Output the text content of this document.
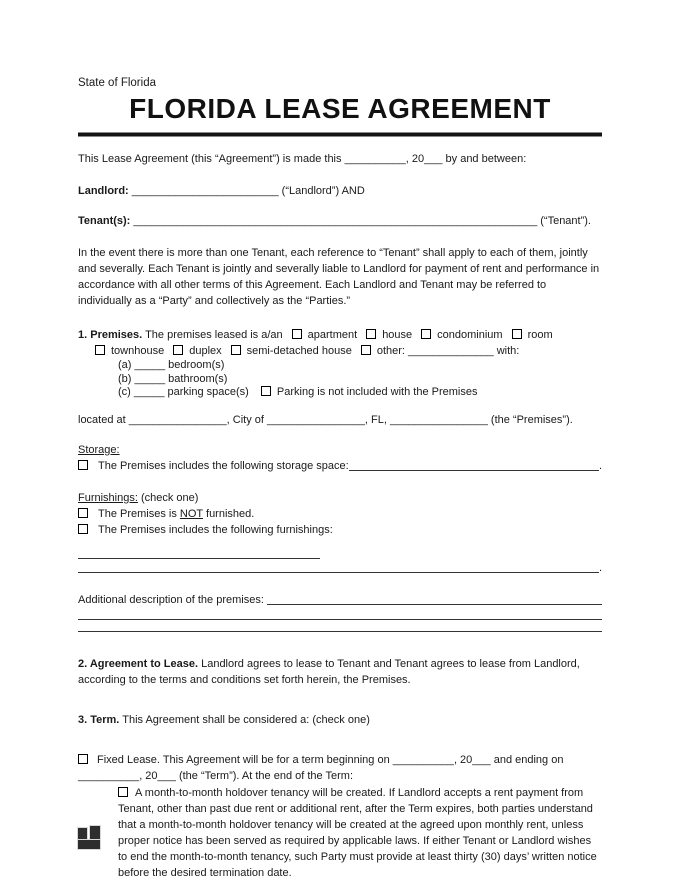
State of Florida
FLORIDA LEASE AGREEMENT
This Lease Agreement (this “Agreement”) is made this __________, 20___ by and between:
Landlord: ________________________ (“Landlord”) AND
Tenant(s): __________________________________________________________________ (“Tenant”).
In the event there is more than one Tenant, each reference to “Tenant” shall apply to each of them, jointly and severally. Each Tenant is jointly and severally liable to Landlord for payment of rent and performance in accordance with all other terms of this Agreement. Each Landlord and Tenant may be referred to individually as a “Party” and collectively as the “Parties.”
1. Premises. The premises leased is a/an apartment house condominium room
townhouse duplex semi-detached house other: ______________ with:
(a) _____ bedroom(s)
(b) _____ bathroom(s)
(c) _____ parking space(s)	Parking is not included with the Premises
located at ________________, City of ________________, FL, ________________ (the “Premises”).
Storage:
The Premises includes the following storage space:	.
Furnishings: (check one)
The Premises is NOT furnished.
The Premises includes the following furnishings:
.
Additional description of the premises:
2. Agreement to Lease. Landlord agrees to lease to Tenant and Tenant agrees to lease from Landlord, according to the terms and conditions set forth herein, the Premises.
3. Term. This Agreement shall be considered a: (check one)
Fixed Lease. This Agreement will be for a term beginning on __________, 20___ and ending on
__________, 20___ (the “Term”). At the end of the Term:
A month-to-month holdover tenancy will be created. If Landlord accepts a rent payment from Tenant, other than past due rent or additional rent, after the Term expires, both parties understand that a month-to-month holdover tenancy will be created at the agreed upon monthly rent, unless proper notice has been served as required by applicable laws. If either Tenant or Landlord wishes to end the month-to-month tenancy, such Party must provide at least thirty (30) days’ written notice before the desired termination date.
